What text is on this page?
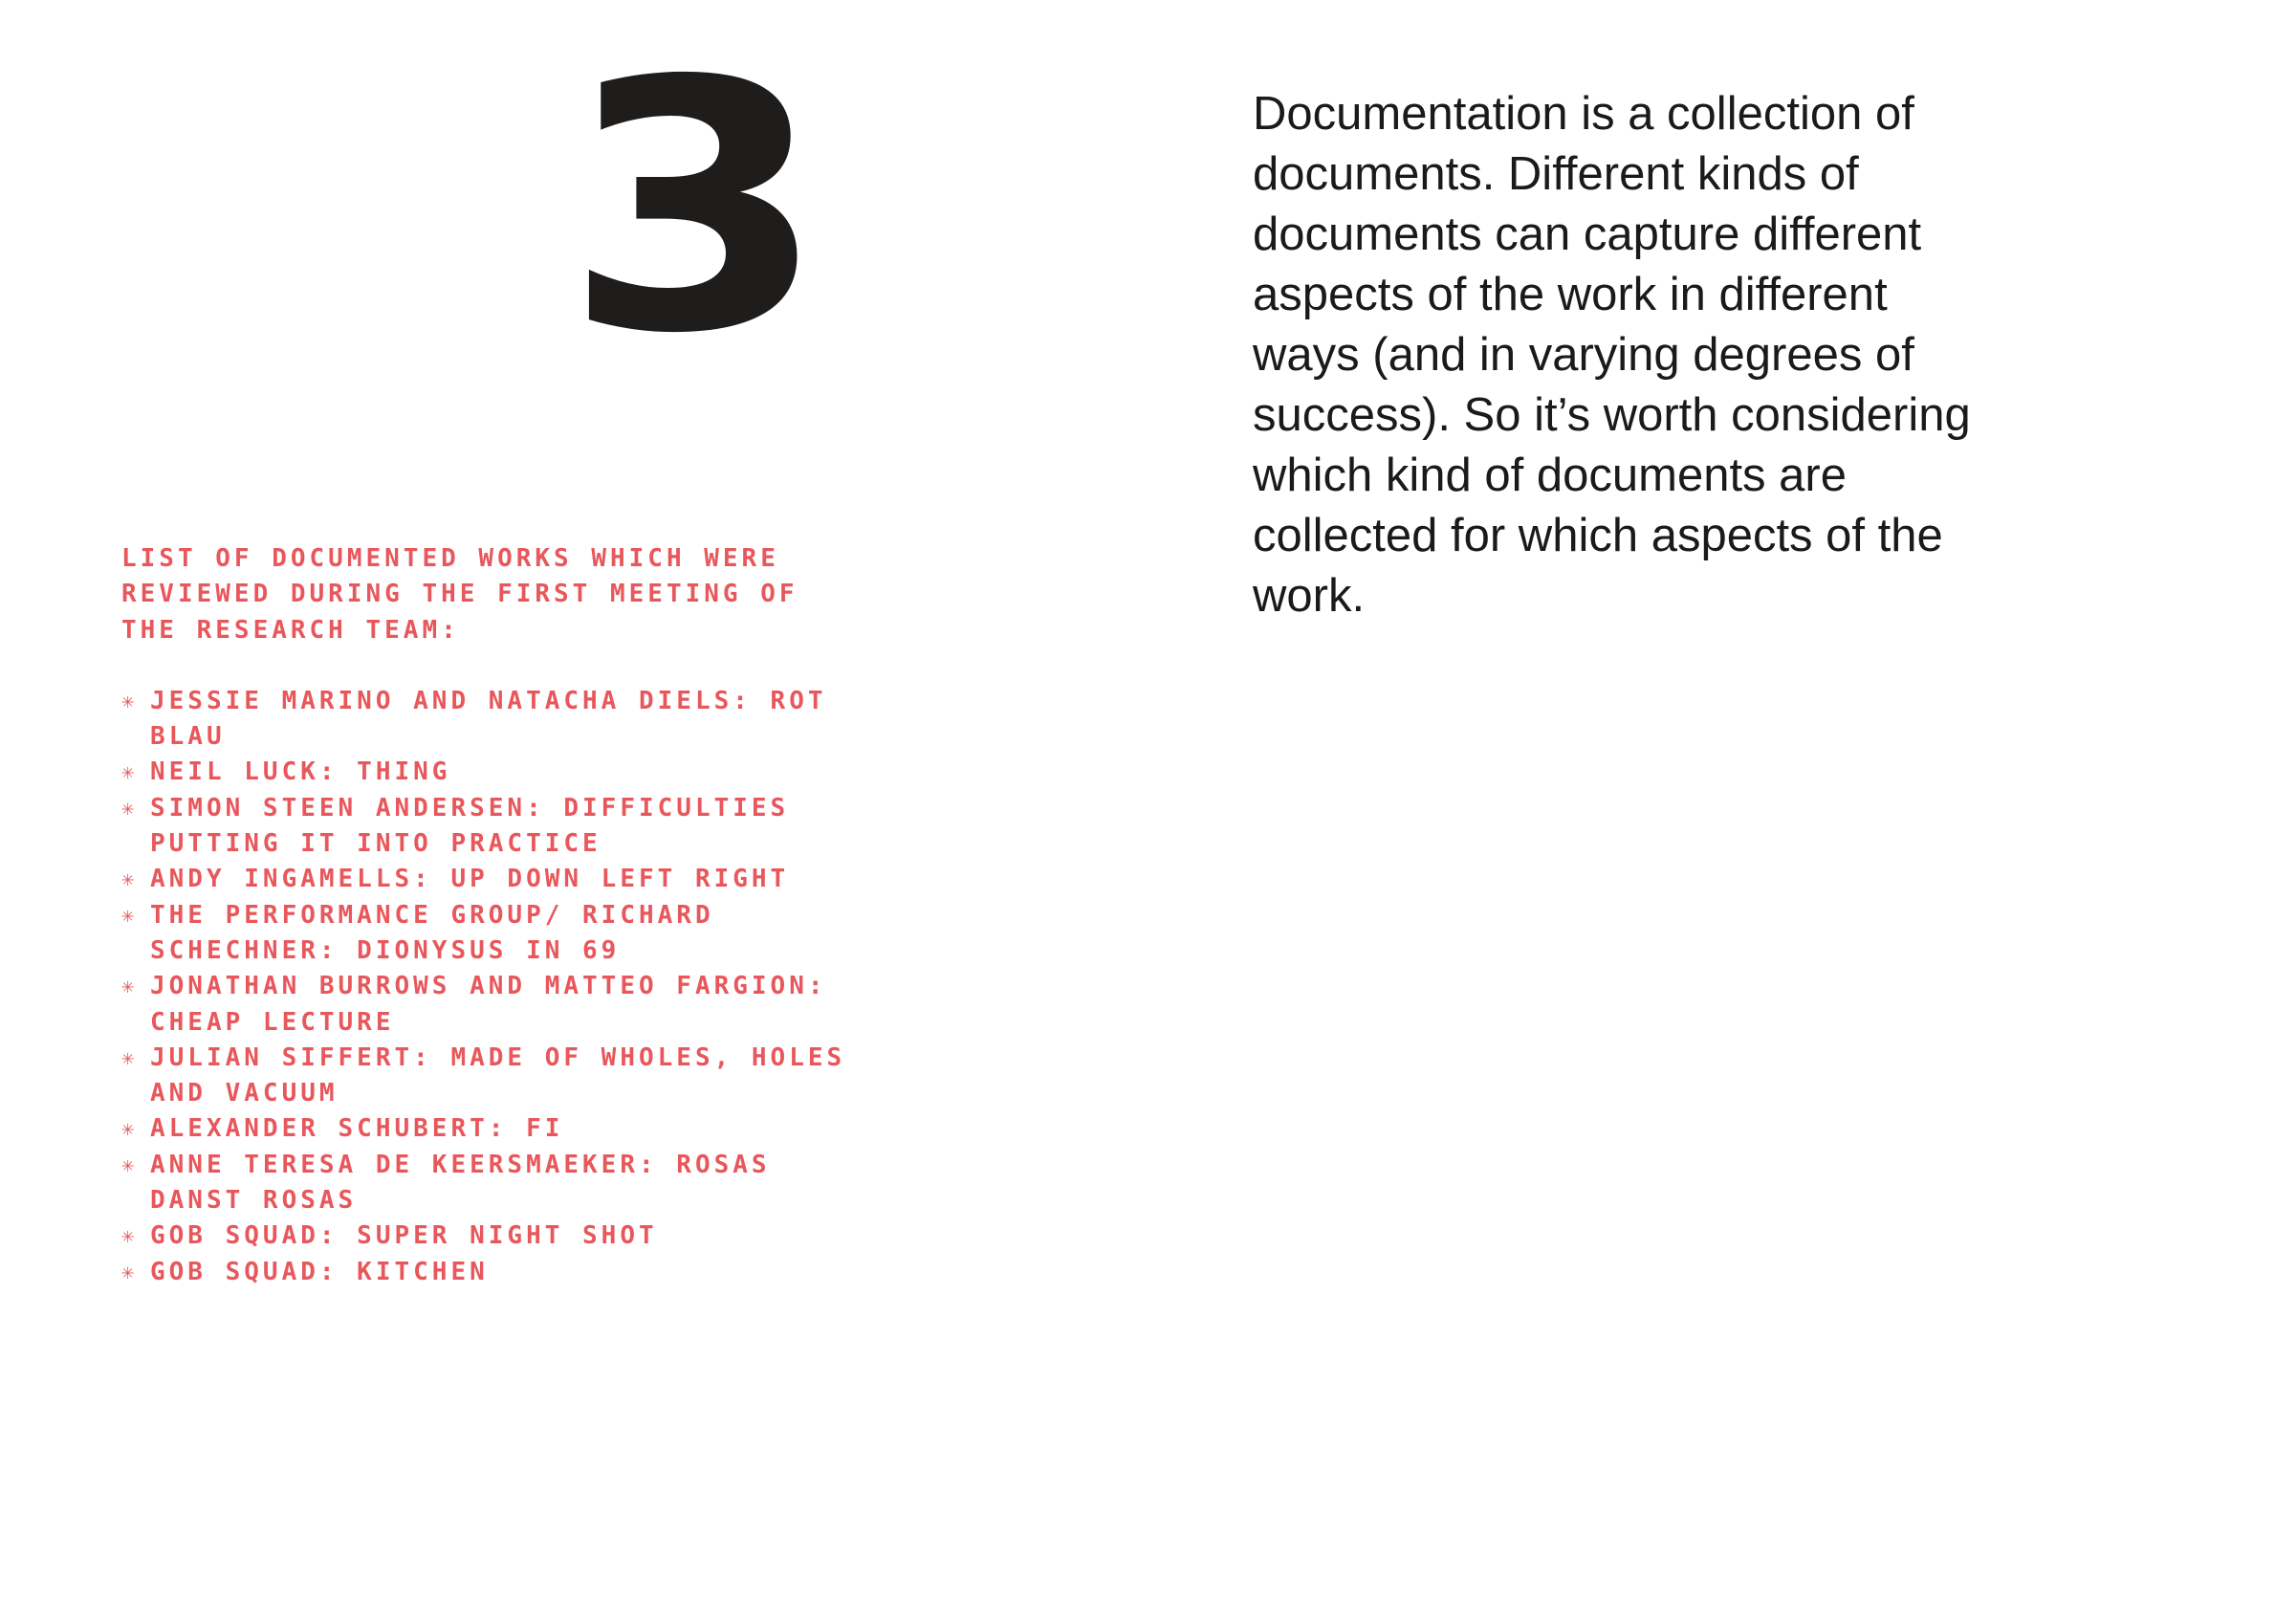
3	Documentation is a collection of documents. Different kinds of documents can capture different aspects of the work in different ways (and in varying degrees of success). So it’s worth considering which kind of documents are collected for which aspects of the work.

LIST OF DOCUMENTED WORKS WHICH WERE REVIEWED DURING THE FIRST MEETING OF THE RESEARCH TEAM:

✳ JESSIE MARINO AND NATACHA DIELS: ROT BLAU
✳ NEIL LUCK: THING
✳ SIMON STEEN ANDERSEN: DIFFICULTIES PUTTING IT INTO PRACTICE
✳ ANDY INGAMELLS: UP DOWN LEFT RIGHT
✳ THE PERFORMANCE GROUP/ RICHARD SCHECHNER: DIONYSUS IN 69
✳ JONATHAN BURROWS AND MATTEO FARGION: CHEAP LECTURE
✳ JULIAN SIFFERT: MADE OF WHOLES, HOLES AND VACUUM
✳ ALEXANDER SCHUBERT: FI
✳ ANNE TERESA DE KEERSMAEKER: ROSAS DANST ROSAS
✳ GOB SQUAD: SUPER NIGHT SHOT
✳ GOB SQUAD: KITCHEN
